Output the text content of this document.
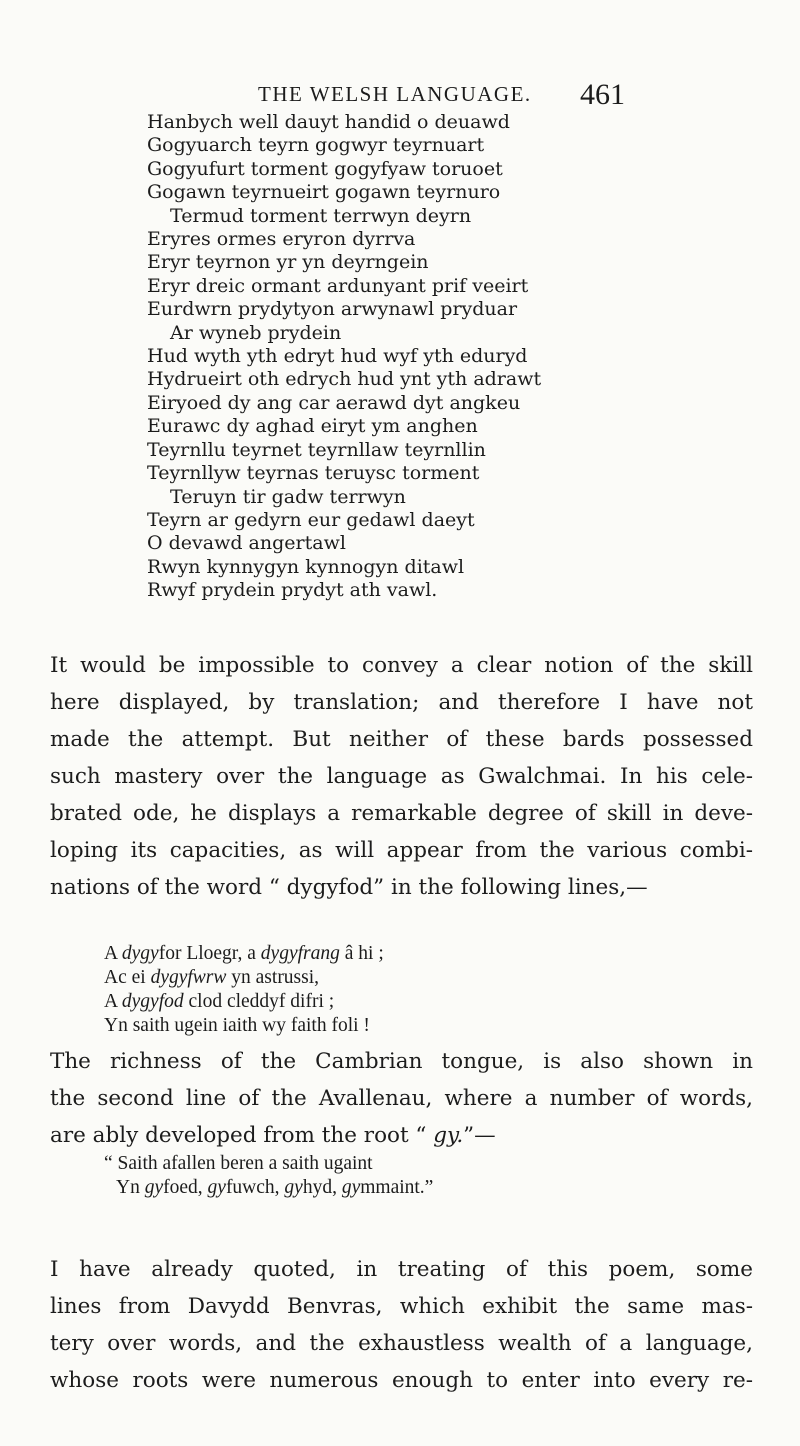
THE WELSH LANGUAGE. 461
Hanbych well dauyt handid o deuawd
Gogyuarch teyrn gogwyr teyrnuart
Gogyufurt torment gogyfyaw toruoet
Gogawn teyrnueirt gogawn teyrnuro
Termud torment terrwyn deyrn
Eryres ormes eryron dyrrva
Eryr teyrnon yr yn deyrngein
Eryr dreic ormant ardunyant prif veeirt
Eurdwrn prydytyon arwynawl pryduar
Ar wyneb prydein
Hud wyth yth edryt hud wyf yth eduryd
Hydrueirt oth edrych hud ynt yth adrawt
Eiryoed dy ang car aerawd dyt angkeu
Eurawc dy aghad eiryt ym anghen
Teyrnllu teyrnet teyrnllaw teyrnllin
Teyrnllyw teyrnas teruysc torment
Teruyn tir gadw terrwyn
Teyrn ar gedyrn eur gedawl daeyt
O devawd angertawl
Rwyn kynnygyn kynnogyn ditawl
Rwyf prydein prydyt ath vawl.
It would be impossible to convey a clear notion of the skill
here displayed, by translation; and therefore I have not
made the attempt. But neither of these bards possessed
such mastery over the language as Gwalchmai. In his cele-
brated ode, he displays a remarkable degree of skill in deve-
loping its capacities, as will appear from the various combi-
nations of the word “ dygyfod” in the following lines,—
A dygyfor Lloegr, a dygyfrang â hi ;
Ac ei dygyfwrw yn astrussi,
A dygyfod clod cleddyf difri ;
Yn saith ugein iaith wy faith foli !
The richness of the Cambrian tongue, is also shown in
the second line of the Avallenau, where a number of words,
are ably developed from the root “ gy.”—
“ Saith afallen beren a saith ugaint
Yn gyfoed, gyfuwch, gyhyd, gymmaint.”
I have already quoted, in treating of this poem, some
lines from Davydd Benvras, which exhibit the same mas-
tery over words, and the exhaustless wealth of a language,
whose roots were numerous enough to enter into every re-
